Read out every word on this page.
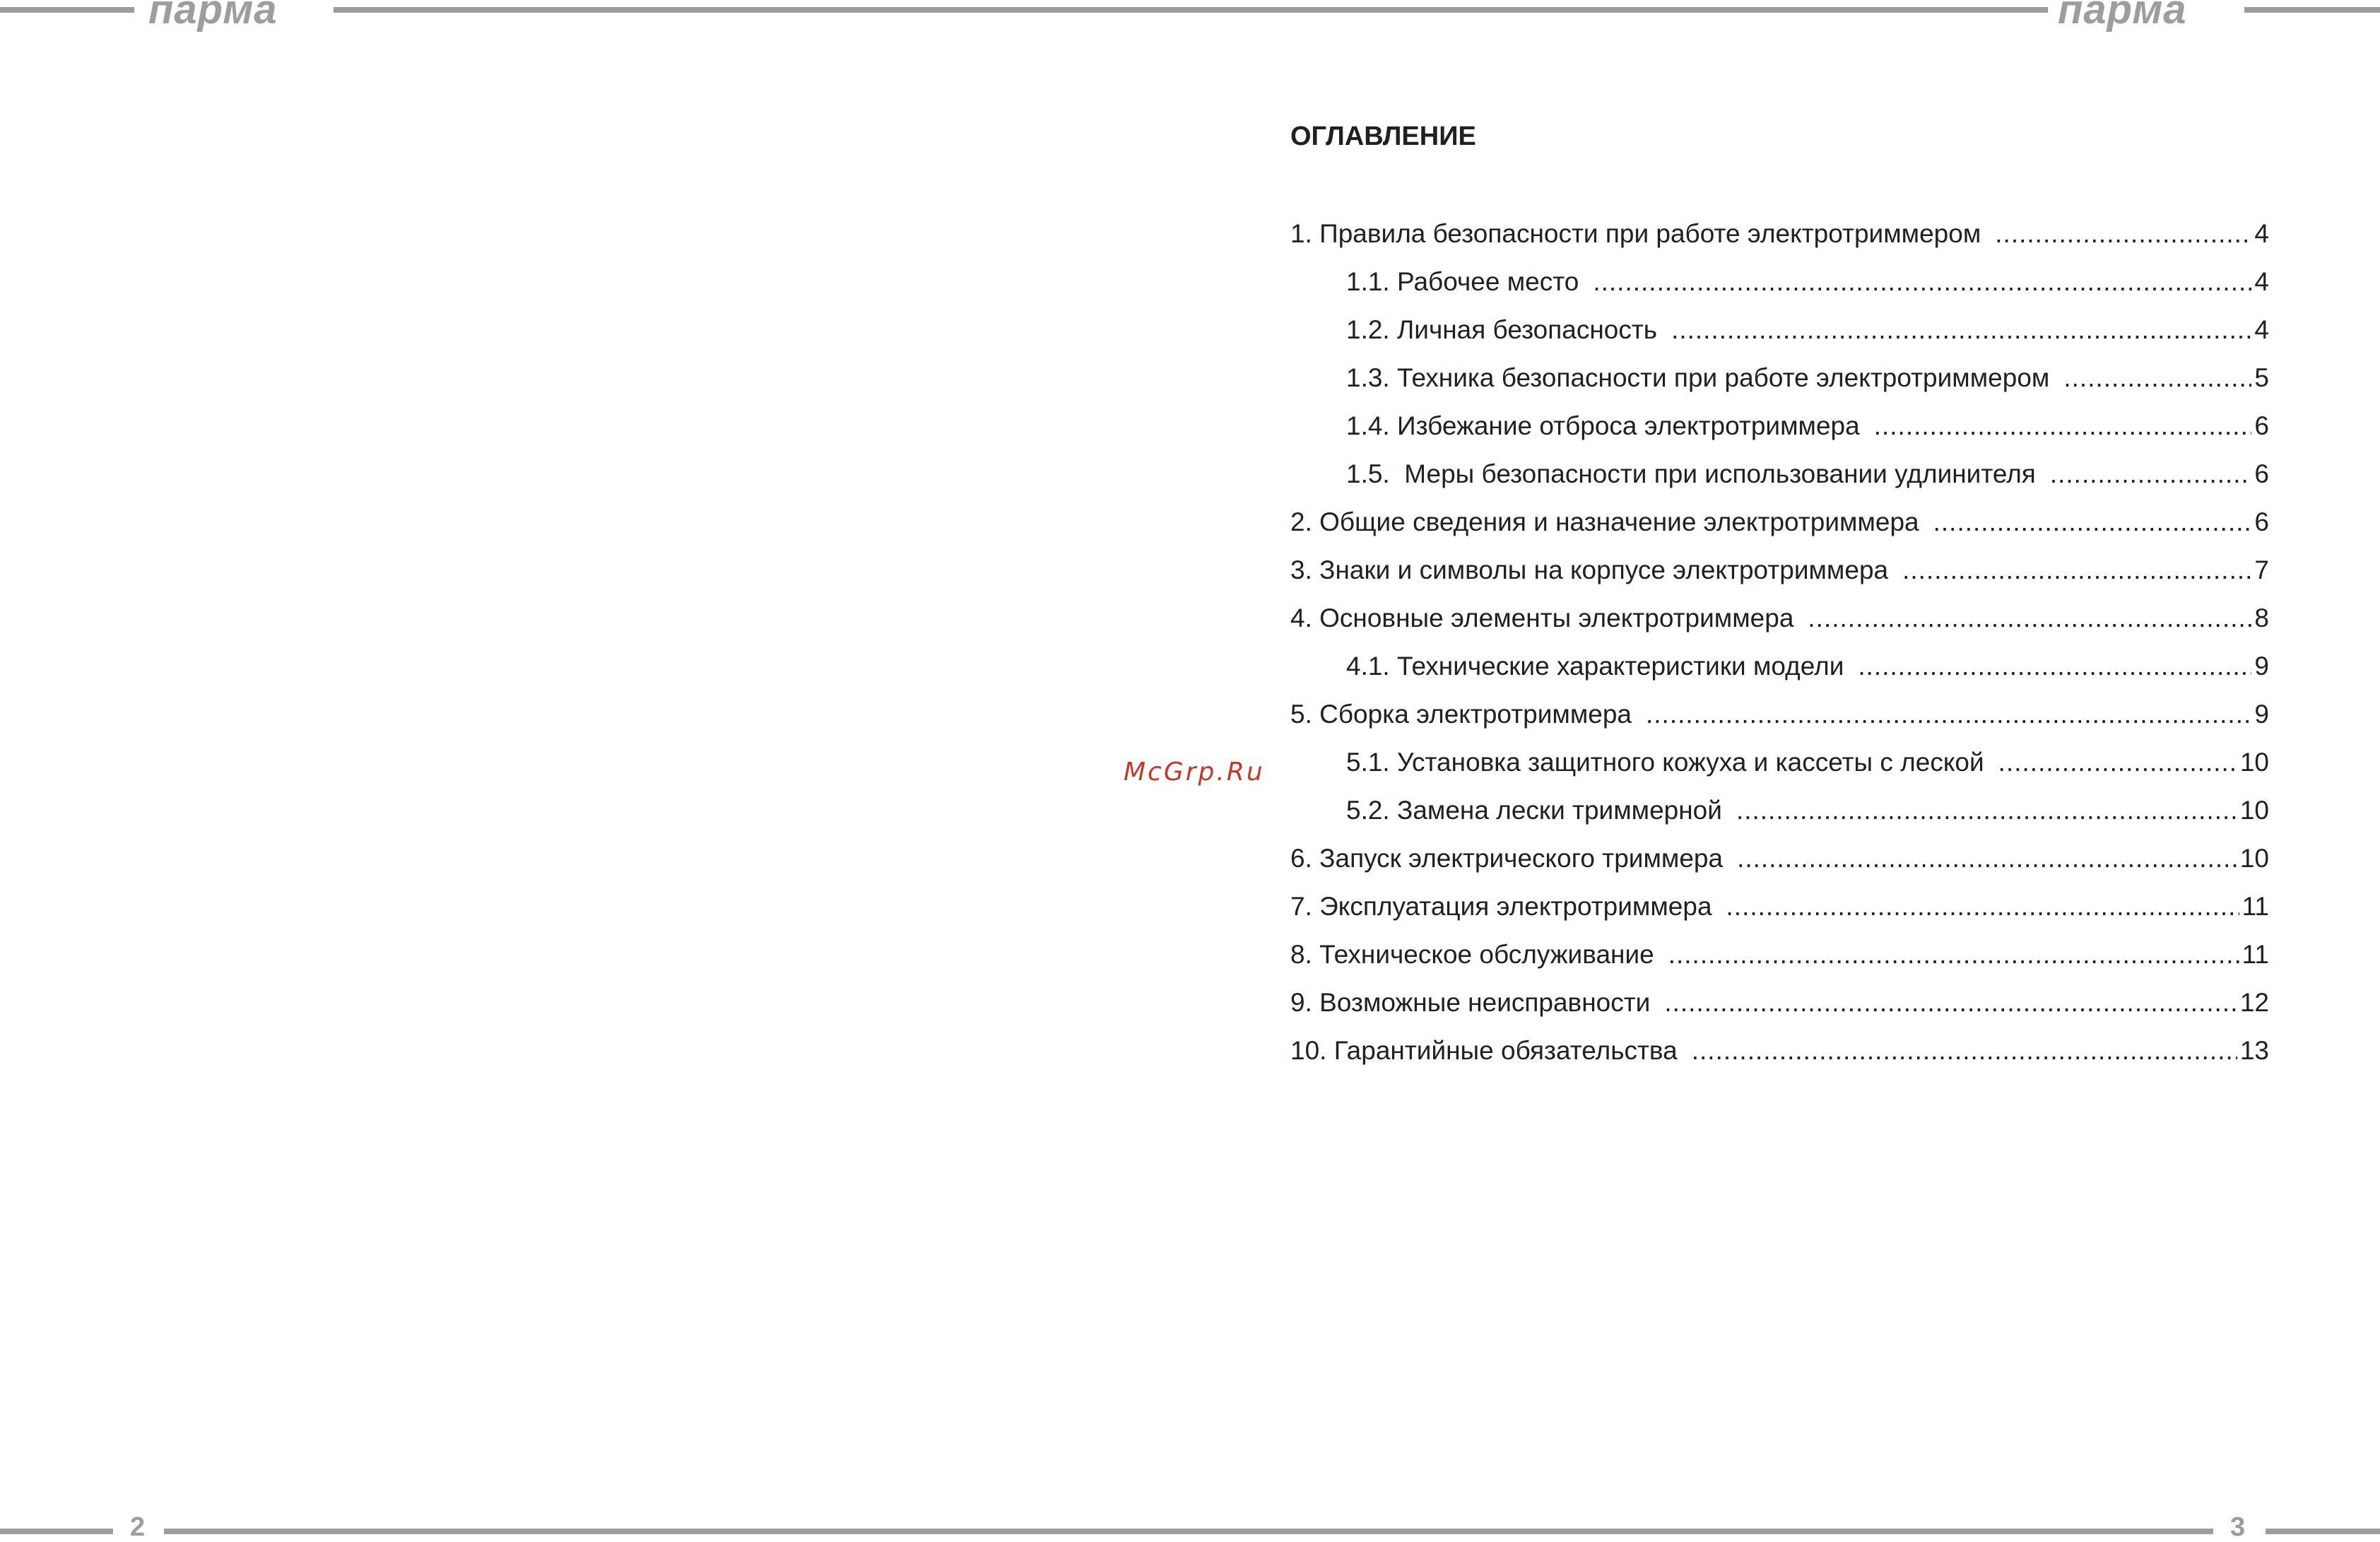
парма	парма
ОГЛАВЛЕНИЕ
1. Правила безопасности при работе электротриммером .....	4
1.1. Рабочее место .....	4
1.2. Личная безопасность .....	4
1.3. Техника безопасности при работе электротриммером .....	5
1.4. Избежание отброса электротриммера .....	6
1.5.  Меры безопасности при использовании удлинителя .....	6
2. Общие сведения и назначение электротриммера .....	6
3. Знаки и символы на корпусе электротриммера .....	7
4. Основные элементы электротриммера .....	8
4.1. Технические характеристики модели .....	9
5. Сборка электротриммера .....	9
5.1. Установка защитного кожуха и кассеты с леской .....	10
5.2. Замена лески триммерной .....	10
6. Запуск электрического триммера .....	10
7. Эксплуатация электротриммера .....	11
8. Техническое обслуживание .....	11
9. Возможные неисправности .....	12
10. Гарантийные обязательства .....	13
McGrp.Ru
2	3
